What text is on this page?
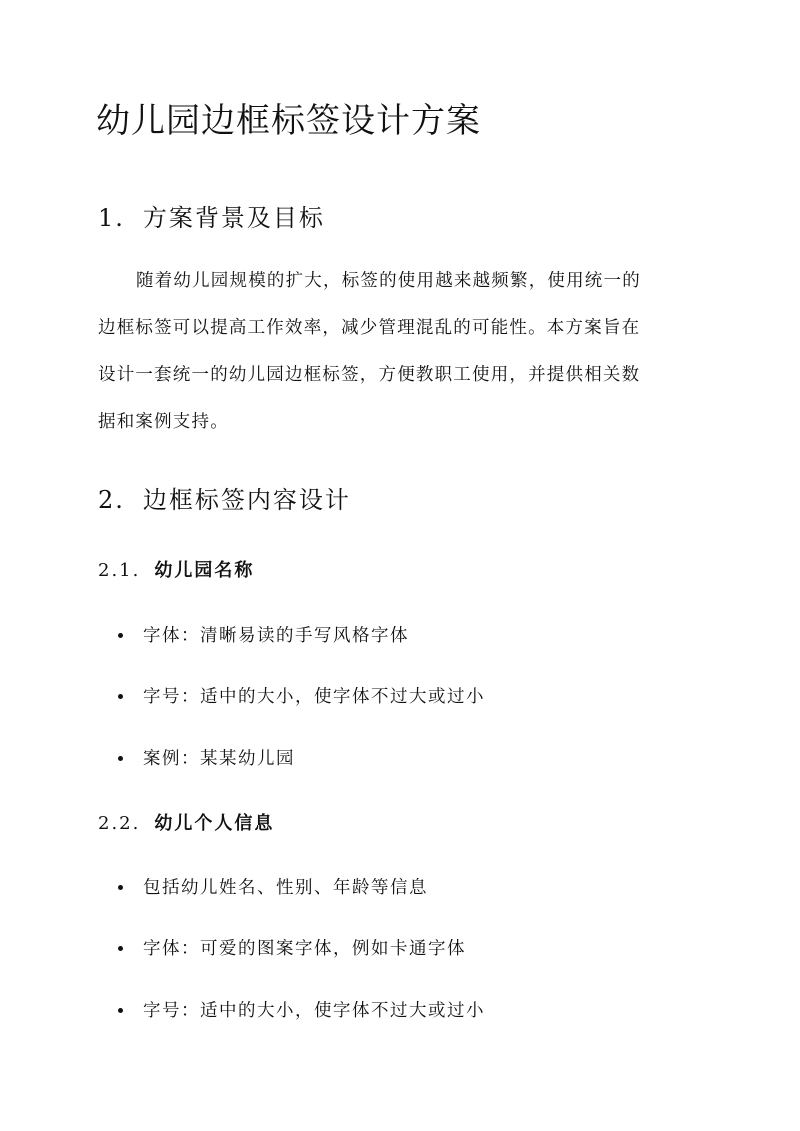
幼儿园边框标签设计方案
1. 方案背景及目标
随着幼儿园规模的扩大，标签的使用越来越频繁，使用统一的
边框标签可以提高工作效率，减少管理混乱的可能性。本方案旨在
设计一套统一的幼儿园边框标签，方便教职工使用，并提供相关数
据和案例支持。
2. 边框标签内容设计
2.1. 幼儿园名称
字体：清晰易读的手写风格字体
字号：适中的大小，使字体不过大或过小
案例：某某幼儿园
2.2. 幼儿个人信息
包括幼儿姓名、性别、年龄等信息
字体：可爱的图案字体，例如卡通字体
字号：适中的大小，使字体不过大或过小
